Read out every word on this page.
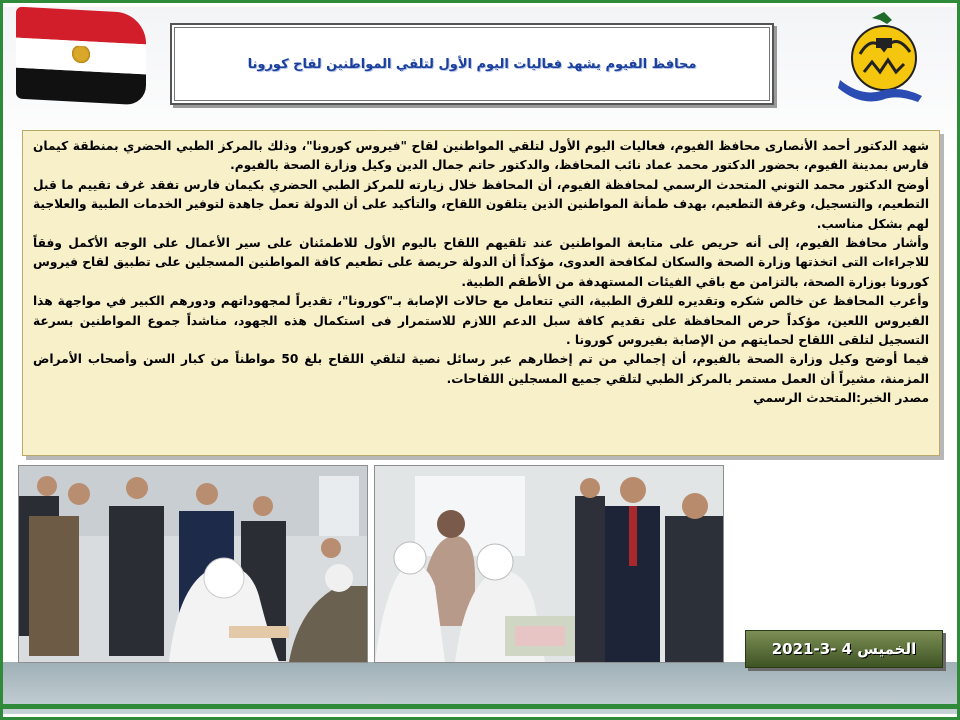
محافظ الفيوم يشهد فعاليات اليوم الأول لتلقي المواطنين لقاح كورونا

شهد الدكتور أحمد الأنصارى محافظ الفيوم، فعاليات اليوم الأول لتلقي المواطنين لقاح "فيروس كورونا"، وذلك بالمركز الطبي الحضري بمنطقة كيمان فارس بمدينة الفيوم، بحضور الدكتور محمد عماد نائب المحافظ، والدكتور حاتم جمال الدين وكيل وزارة الصحة بالفيوم.

أوضح الدكتور محمد التوني المتحدث الرسمي لمحافظة الفيوم، أن المحافظ خلال زيارته للمركز الطبي الحضري بكيمان فارس تفقد غرف تقييم ما قبل التطعيم، والتسجيل، وغرفة التطعيم، بهدف طمأنة المواطنين الذين يتلقون اللقاح، والتأكيد على أن الدولة تعمل جاهدة لتوفير الخدمات الطبية والعلاجية لهم بشكل مناسب.

وأشار محافظ الفيوم، إلى أنه حريص على متابعة المواطنين عند تلقيهم اللقاح باليوم الأول للاطمئنان على سير الأعمال على الوجه الأكمل وفقاً للاجراءات التى اتخذتها وزارة الصحة والسكان لمكافحة العدوى، مؤكداً أن الدولة حريصة على تطعيم كافة المواطنين المسجلين على تطبيق لقاح فيروس كورونا بوزارة الصحة، بالتزامن مع باقي الفيئات المستهدفة من الأطقم الطبية.

وأعرب المحافظ عن خالص شكره وتقديره للفرق الطبية، التي تتعامل مع حالات الإصابة بـ"كورونا"، تقديراً لمجهوداتهم ودورهم الكبير في مواجهة هذا الفيروس اللعين، مؤكداً حرص المحافظة على تقديم كافة سبل الدعم اللازم للاستمرار فى استكمال هذه الجهود، مناشداً جموع المواطنين بسرعة التسجيل لتلقى اللقاح لحمايتهم من الإصابة بفيروس كورونا .

فيما أوضح وكيل وزارة الصحة بالفيوم، أن إجمالي من تم إخطارهم عبر رسائل نصية لتلقي اللقاح بلغ 50 مواطناً من كبار السن وأصحاب الأمراض المزمنة، مشيراً أن العمل مستمر بالمركز الطبي لتلقي جميع المسجلين اللقاحات.

مصدر الخبر:المتحدث الرسمي

الخميس 4 -3-2021
